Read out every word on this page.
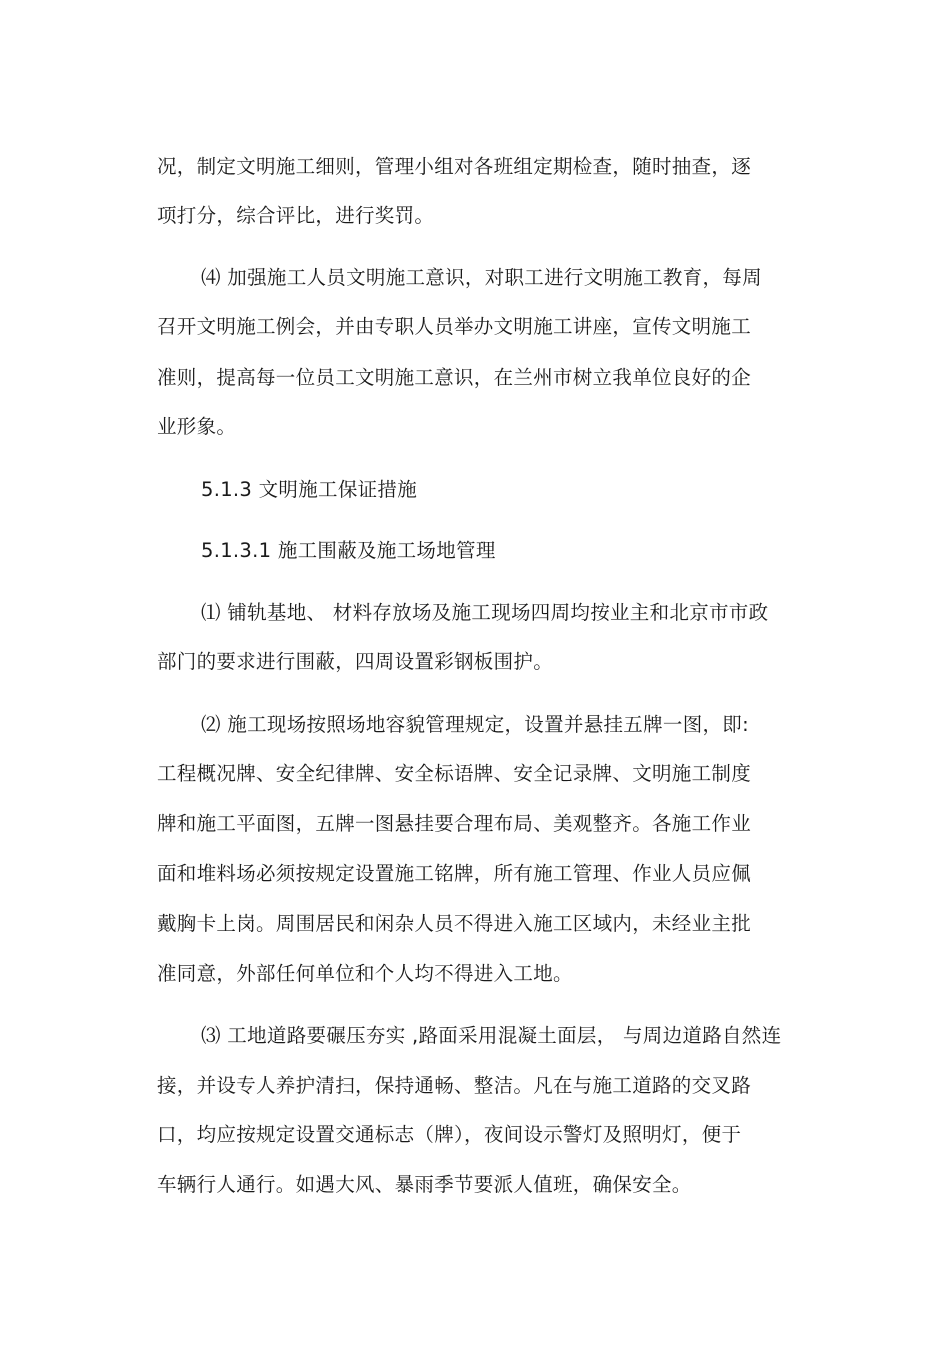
况，制定文明施工细则，管理小组对各班组定期检查，随时抽查，逐
项打分，综合评比，进行奖罚。
⑷ 加强施工人员文明施工意识，对职工进行文明施工教育，每周
召开文明施工例会，并由专职人员举办文明施工讲座，宣传文明施工
准则，提高每一位员工文明施工意识，在兰州市树立我单位良好的企
业形象。
5.1.3 文明施工保证措施
5.1.3.1 施工围蔽及施工场地管理
⑴ 铺轨基地、 材料存放场及施工现场四周均按业主和北京市市政
部门的要求进行围蔽，四周设置彩钢板围护。
⑵ 施工现场按照场地容貌管理规定，设置并悬挂五牌一图，即:
工程概况牌、安全纪律牌、安全标语牌、安全记录牌、文明施工制度
牌和施工平面图，五牌一图悬挂要合理布局、美观整齐。各施工作业
面和堆料场必须按规定设置施工铭牌，所有施工管理、作业人员应佩
戴胸卡上岗。周围居民和闲杂人员不得进入施工区域内，未经业主批
准同意，外部任何单位和个人均不得进入工地。
⑶ 工地道路要碾压夯实 ,路面采用混凝土面层， 与周边道路自然连
接，并设专人养护清扫，保持通畅、整洁。凡在与施工道路的交叉路
口，均应按规定设置交通标志（牌），夜间设示警灯及照明灯，便于
车辆行人通行。如遇大风、暴雨季节要派人值班，确保安全。
